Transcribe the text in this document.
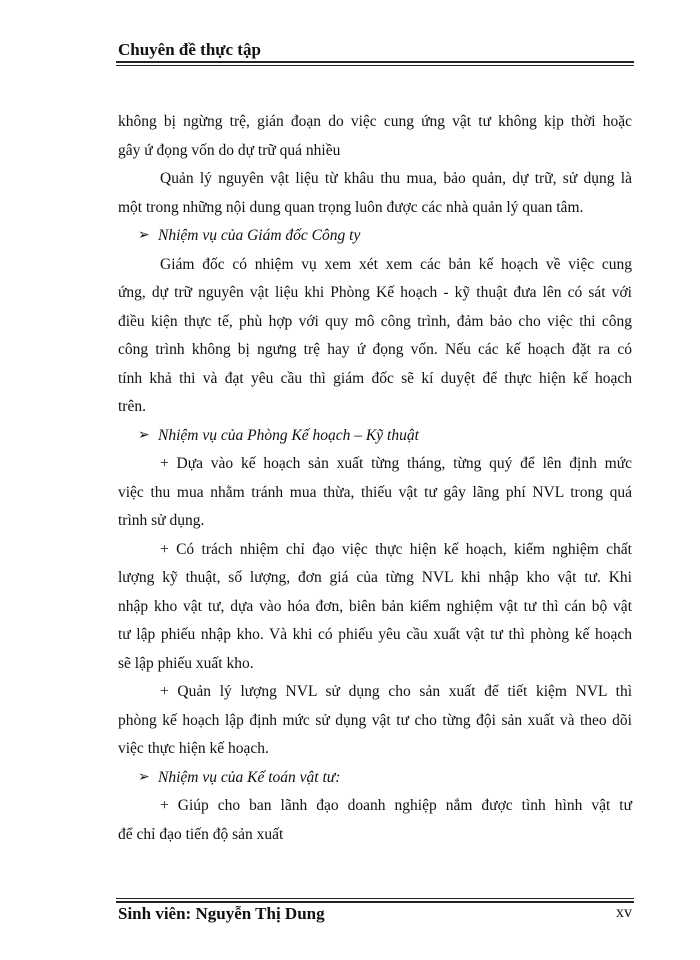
Chuyên đề thực tập
không bị ngừng trệ, gián đoạn do việc cung ứng vật tư không kịp thời hoặc
gây ứ đọng vốn do dự trữ quá nhiều
Quản lý nguyên vật liệu từ khâu thu mua, bảo quản, dự trữ, sử dụng là
một trong những nội dung quan trọng luôn được các nhà quản lý quan tâm.

➢ Nhiệm vụ của Giám đốc Công ty

Giám đốc có nhiệm vụ xem xét xem các bản kế hoạch về việc cung
ứng, dự trữ nguyên vật liệu khi Phòng Kế hoạch - kỹ thuật đưa lên có sát với
điều kiện thực tế, phù hợp với quy mô công trình, đảm bảo cho việc thi công
công trình không bị ngưng trệ hay ứ đọng vốn. Nếu các kế hoạch đặt ra có
tính khả thi và đạt yêu cầu thì giám đốc sẽ kí duyệt để thực hiện kế hoạch
trên.

➢ Nhiệm vụ của Phòng Kế hoạch – Kỹ thuật

+ Dựa vào kế hoạch sản xuất từng tháng, từng quý để lên định mức
việc thu mua nhằm tránh mua thừa, thiếu vật tư gây lãng phí NVL trong quá
trình sử dụng.
+ Có trách nhiệm chỉ đạo việc thực hiện kế hoạch, kiểm nghiệm chất
lượng kỹ thuật, số lượng, đơn giá của từng NVL khi nhập kho vật tư. Khi
nhập kho vật tư, dựa vào hóa đơn, biên bản kiểm nghiệm vật tư thì cán bộ vật
tư lập phiếu nhập kho. Và khi có phiếu yêu cầu xuất vật tư thì phòng kế hoạch
sẽ lập phiếu xuất kho.
+ Quản lý lượng NVL sử dụng cho sản xuất để tiết kiệm NVL thì
phòng kế hoạch lập định mức sử dụng vật tư cho từng đội sản xuất và theo dõi
việc thực hiện kế hoạch.

➢ Nhiệm vụ của Kế toán vật tư:

+ Giúp cho ban lãnh đạo doanh nghiệp nắm được tình hình vật tư
để chỉ đạo tiến độ sản xuất
Sinh viên: Nguyễn Thị Dung	xv
